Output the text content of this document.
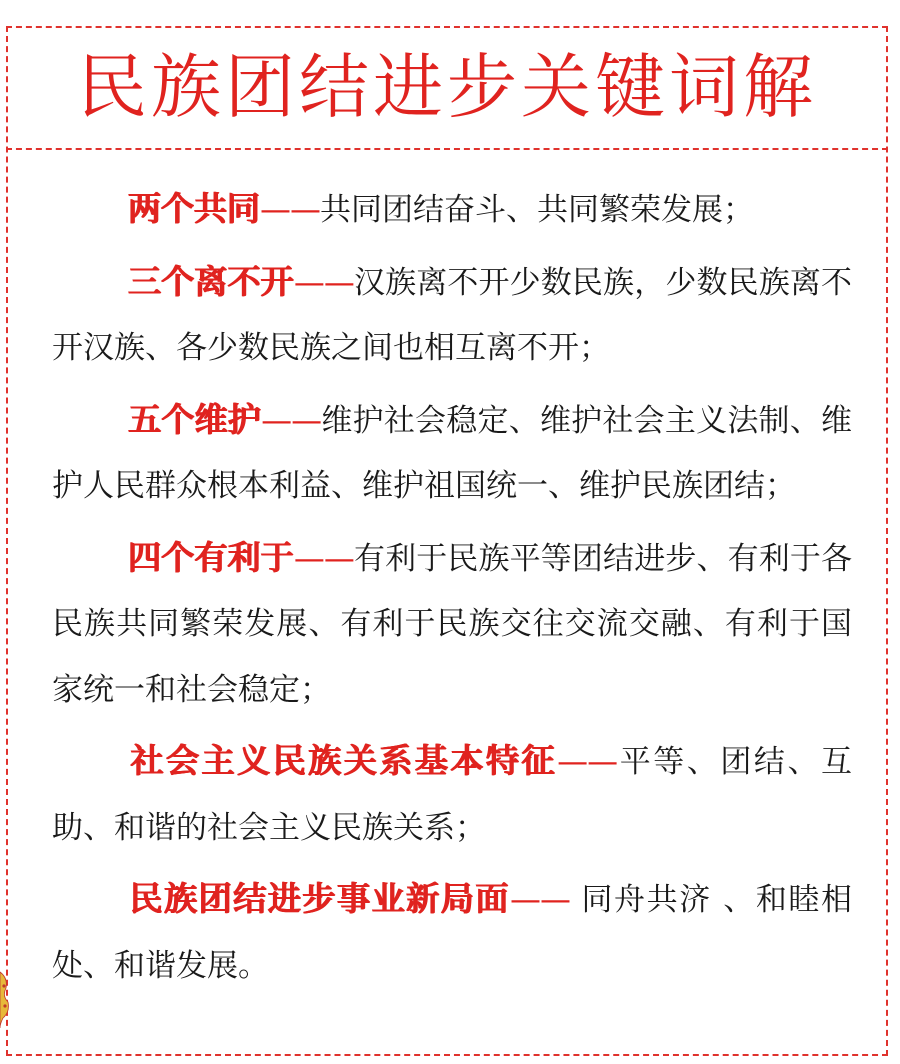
民族团结进步关键词解

两个共同——共同团结奋斗、共同繁荣发展；

三个离不开——汉族离不开少数民族，少数民族离不开汉族、各少数民族之间也相互离不开；

五个维护——维护社会稳定、维护社会主义法制、维护人民群众根本利益、维护祖国统一、维护民族团结；

四个有利于——有利于民族平等团结进步、有利于各民族共同繁荣发展、有利于民族交往交流交融、有利于国家统一和社会稳定；

社会主义民族关系基本特征——平等、团结、互助、和谐的社会主义民族关系；

民族团结进步事业新局面—— 同舟共济 、和睦相处、和谐发展。
